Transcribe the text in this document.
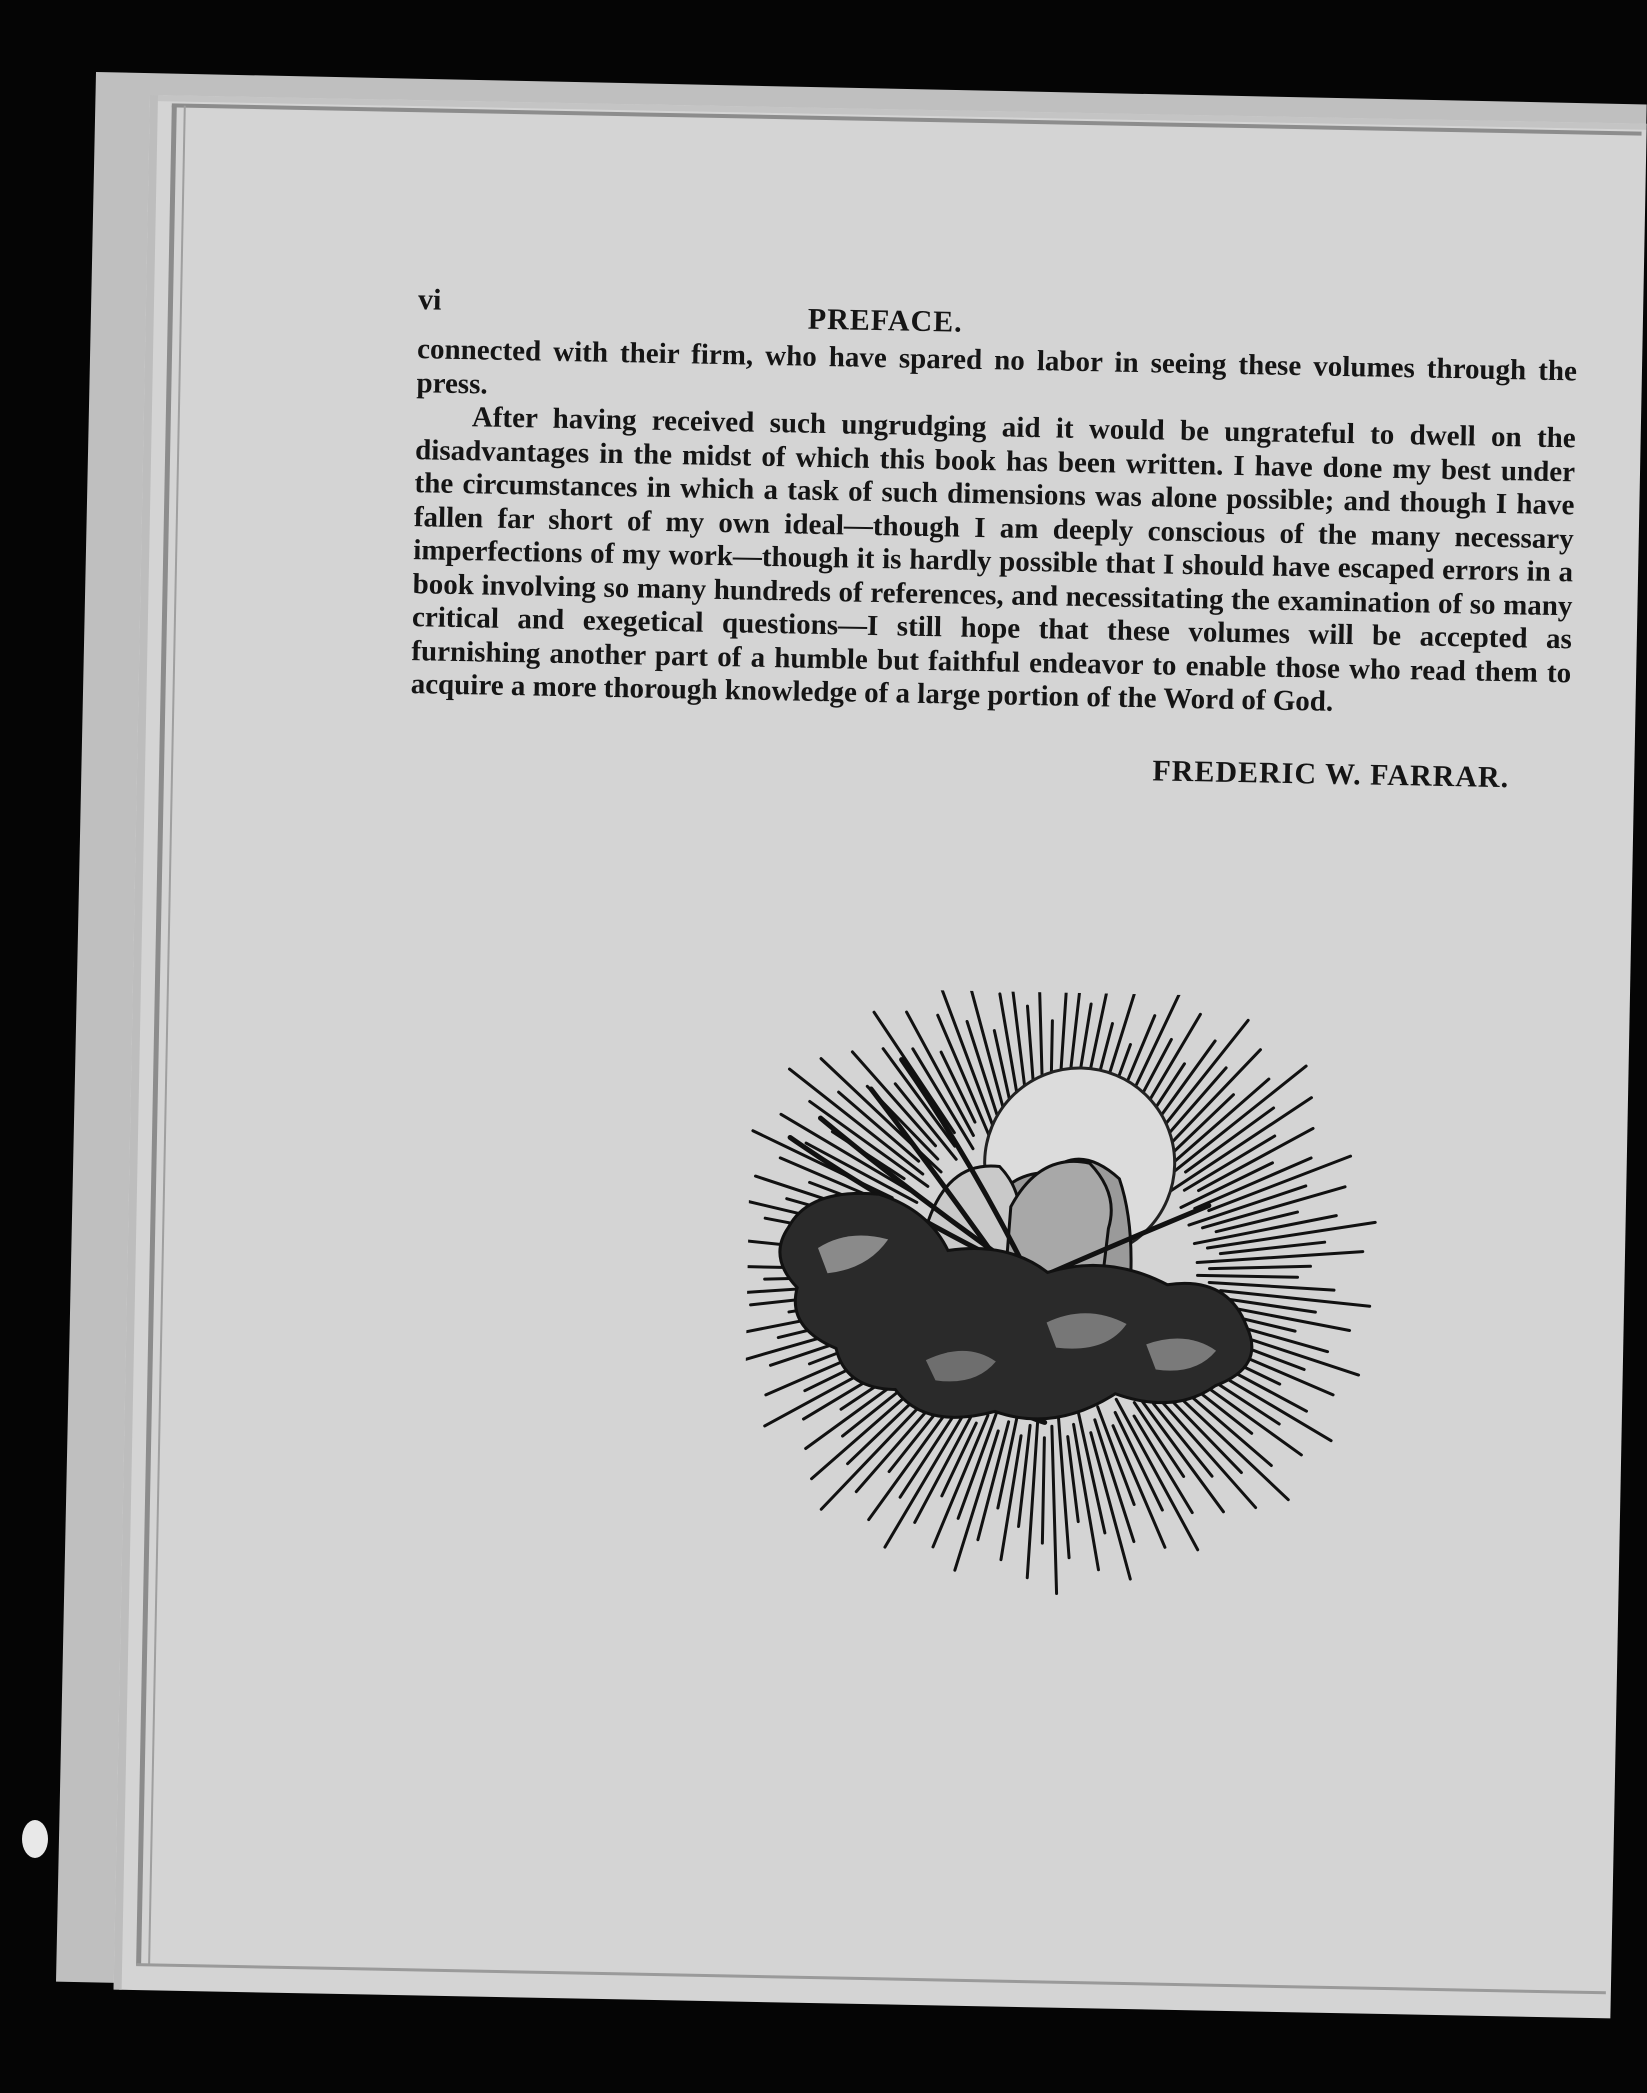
vi
PREFACE.

connected with their firm, who have spared no labor in seeing these volumes through the press.

After having received such ungrudging aid it would be ungrateful to dwell on the disadvantages in the midst of which this book has been written. I have done my best under the circumstances in which a task of such dimensions was alone possible; and though I have fallen far short of my own ideal—though I am deeply conscious of the many necessary imperfections of my work—though it is hardly possible that I should have escaped errors in a book involving so many hundreds of references, and necessitating the examination of so many critical and exegetical questions—I still hope that these volumes will be accepted as furnishing another part of a humble but faithful endeavor to enable those who read them to acquire a more thorough knowledge of a large portion of the Word of God.

FREDERIC W. FARRAR.
